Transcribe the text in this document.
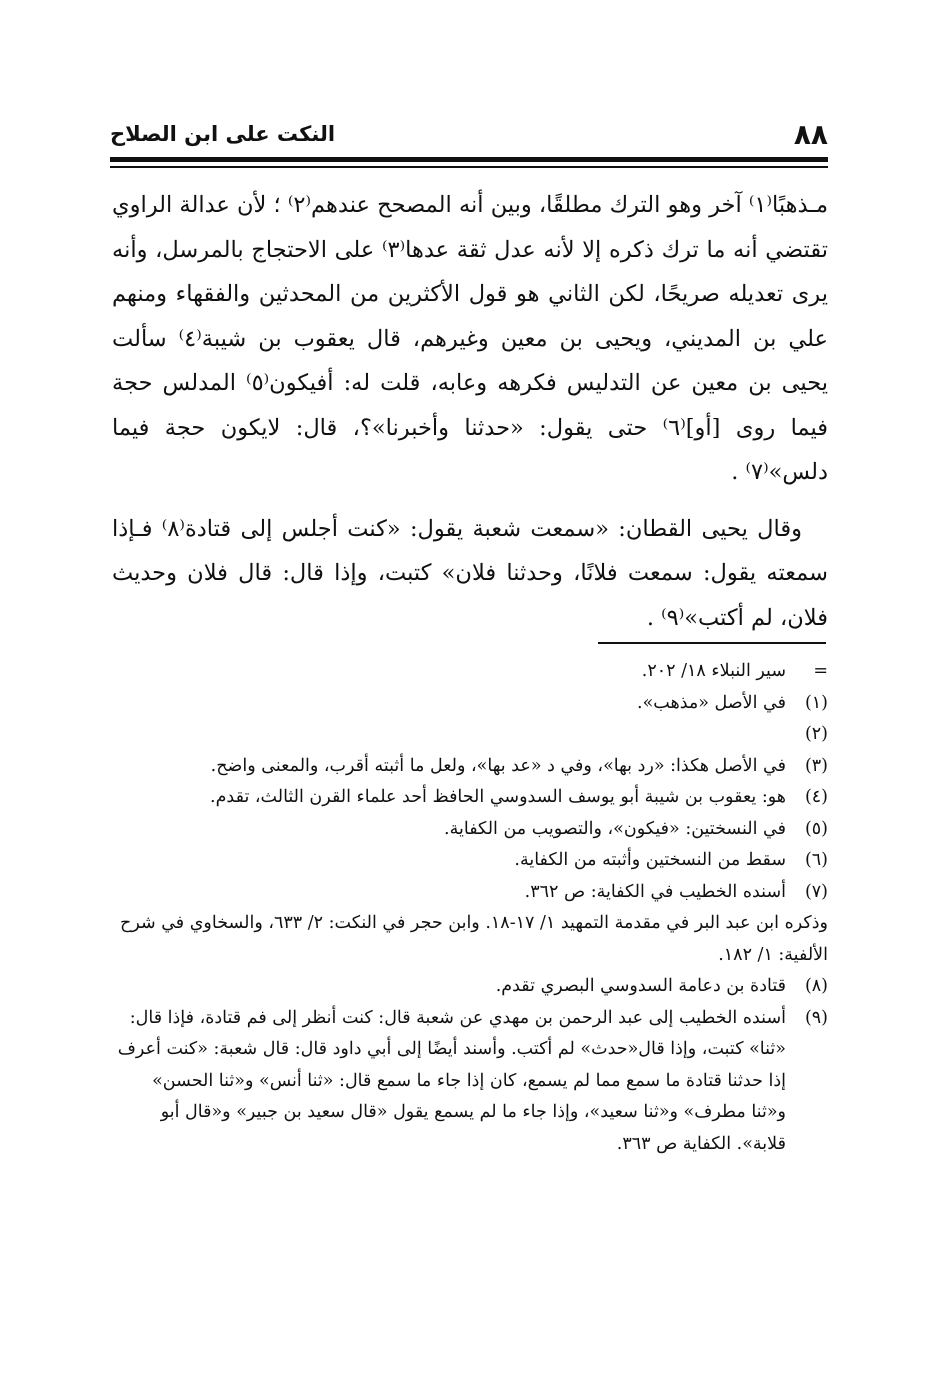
٨٨
النكت على ابن الصلاح

مـذهبًا⁽١⁾ آخر وهو الترك مطلقًا، وبين أنه المصحح عندهم⁽٢⁾ ؛ لأن عدالة الراوي تقتضي أنه ما ترك ذكره إلا لأنه عدل ثقة عدها⁽٣⁾ على الاحتجاج بالمرسل، وأنه يرى تعديله صريحًا، لكن الثاني هو قول الأكثرين من المحدثين والفقهاء ومنهم علي بن المديني، ويحيى بن معين وغيرهم، قال يعقوب بن شيبة⁽٤⁾ سألت يحيى بن معين عن التدليس فكرهه وعابه، قلت له: أفيكون⁽٥⁾ المدلس حجة فيما روى [أو]⁽٦⁾ حتى يقول: «حدثنا وأخبرنا»؟، قال: لايكون حجة فيما دلس»⁽٧⁾ .

وقال يحيى القطان: «سمعت شعبة يقول: «كنت أجلس إلى قتادة⁽٨⁾ فـإذا سمعته يقول: سمعت فلانًا، وحدثنا فلان» كتبت، وإذا قال: قال فلان وحديث فلان، لم أكتب»⁽٩⁾ .

=
سير النبلاء ١٨/ ٢٠٢.
(١)
في الأصل «مذهب».
(٢)

(٣)
في الأصل هكذا: «رد بها»، وفي د «عد بها»، ولعل ما أثبته أقرب، والمعنى واضح.
(٤)
هو: يعقوب بن شيبة أبو يوسف السدوسي الحافظ أحد علماء القرن الثالث، تقدم.
(٥)
في النسختين: «فيكون»، والتصويب من الكفاية.
(٦)
سقط من النسختين وأثبته من الكفاية.
(٧)
أسنده الخطيب في الكفاية: ص ٣٦٢.
وذكره ابن عبد البر في مقدمة التمهيد ١/ ١٧-١٨. وابن حجر في النكت: ٢/ ٦٣٣، والسخاوي في شرح الألفية: ١/ ١٨٢.
(٨)
قتادة بن دعامة السدوسي البصري تقدم.
(٩)
أسنده الخطيب إلى عبد الرحمن بن مهدي عن شعبة قال: كنت أنظر إلى فم قتادة، فإذا قال: «ثنا» كتبت، وإذا قال«حدث» لم أكتب. وأسند أيضًا إلى أبي داود قال: قال شعبة: «كنت أعرف إذا حدثنا قتادة ما سمع مما لم يسمع، كان إذا جاء ما سمع قال: «ثنا أنس» و«ثنا الحسن» و«ثنا مطرف» و«ثنا سعيد»، وإذا جاء ما لم يسمع يقول «قال سعيد بن جبير» و«قال أبو قلابة». الكفاية ص ٣٦٣.
